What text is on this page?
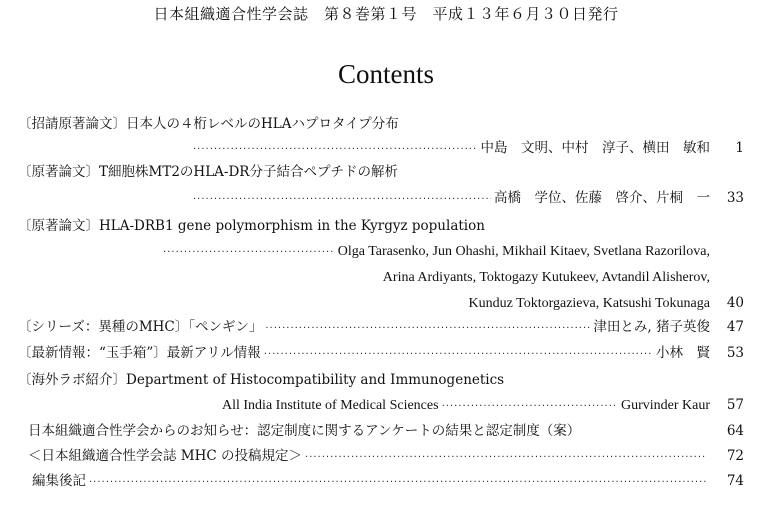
日本組織適合性学会誌　第８巻第１号　平成１３年６月３０日発行
Contents
〔招請原著論文〕日本人の４桁レベルのHLAハプロタイプ分布
·····
中島　文明、中村　淳子、横田　敏和	1
〔原著論文〕T細胞株MT2のHLA-DR分子結合ペプチドの解析
·····
高橋　学位、佐藤　啓介、片桐　一	33
〔原著論文〕HLA-DRB1 gene polymorphism in the Kyrgyz population
·····
Olga Tarasenko, Jun Ohashi, Mikhail Kitaev, Svetlana Razorilova,
Arina Ardiyants, Toktogazy Kutukeev, Avtandil Alisherov,
Kunduz Toktorgazieva, Katsushi Tokunaga 40
〔シリーズ：異種のMHC〕「ペンギン」 ·····	津田とみ, 猪子英俊	47
〔最新情報：“玉手箱”〕最新アリル情報 ·····	小林　賢	53
〔海外ラボ紹介〕Department of Histocompatibility and Immunogenetics
All India Institute of Medical Sciences ·····	Gurvinder Kaur	57
日本組織適合性学会からのお知らせ：認定制度に関するアンケートの結果と認定制度（案）	64
＜日本組織適合性学会誌 MHC の投稿規定＞ ·····	72
編集後記 ·····	74
